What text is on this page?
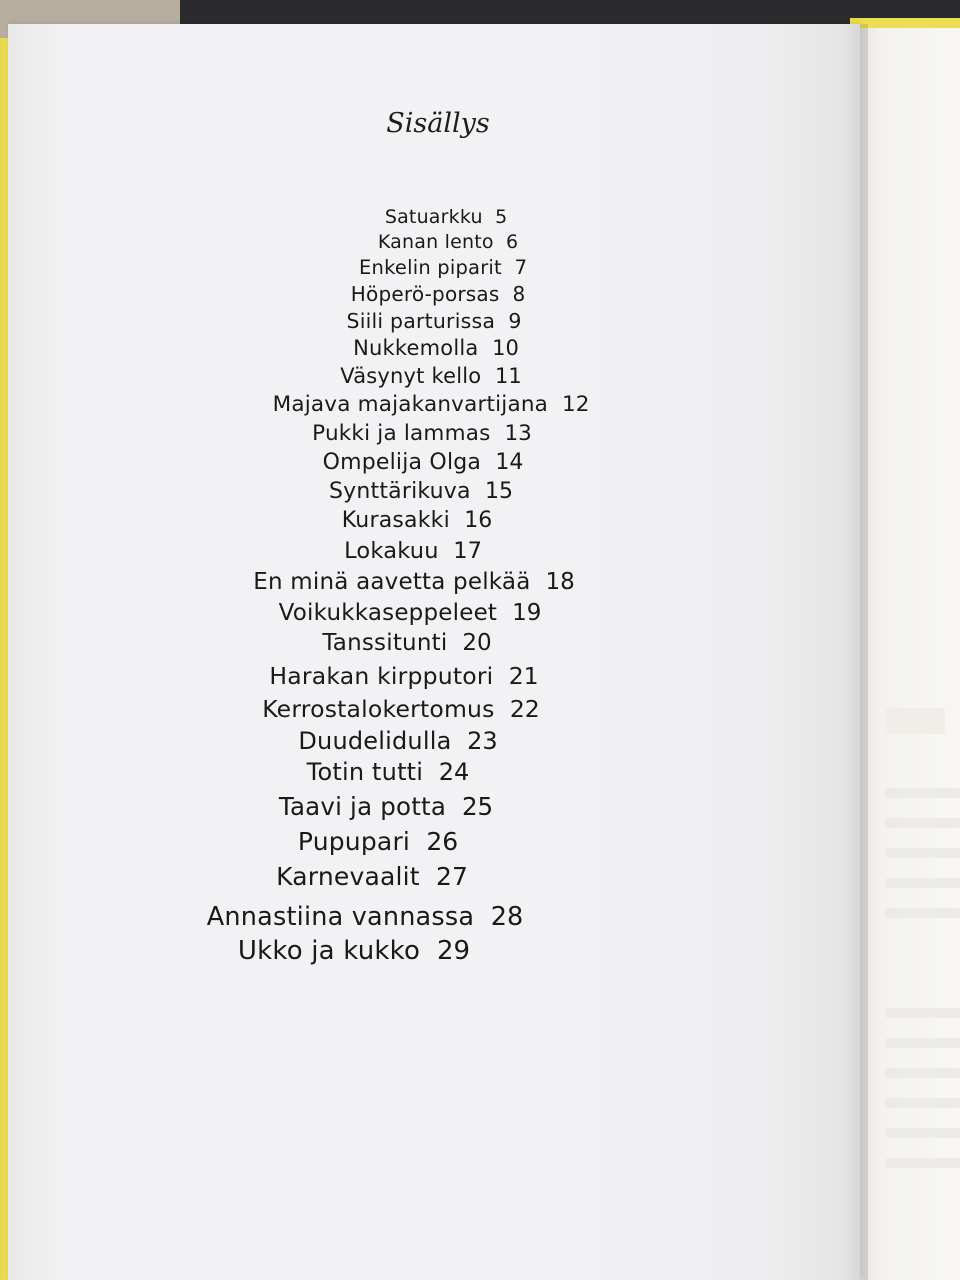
Sisällys
Satuarkku 5
Kanan lento 6
Enkelin piparit 7
Höperö-porsas 8
Siili parturissa 9
Nukkemolla 10
Väsynyt kello 11
Majava majakanvartijana 12
Pukki ja lammas 13
Ompelija Olga 14
Synttärikuva 15
Kurasakki 16
Lokakuu 17
En minä aavetta pelkää 18
Voikukkaseppeleet 19
Tanssitunti 20
Harakan kirpputori 21
Kerrostalokertomus 22
Duudelidulla 23
Totin tutti 24
Taavi ja potta 25
Pupupari 26
Karnevaalit 27
Annastiina vannassa 28
Ukko ja kukko 29
